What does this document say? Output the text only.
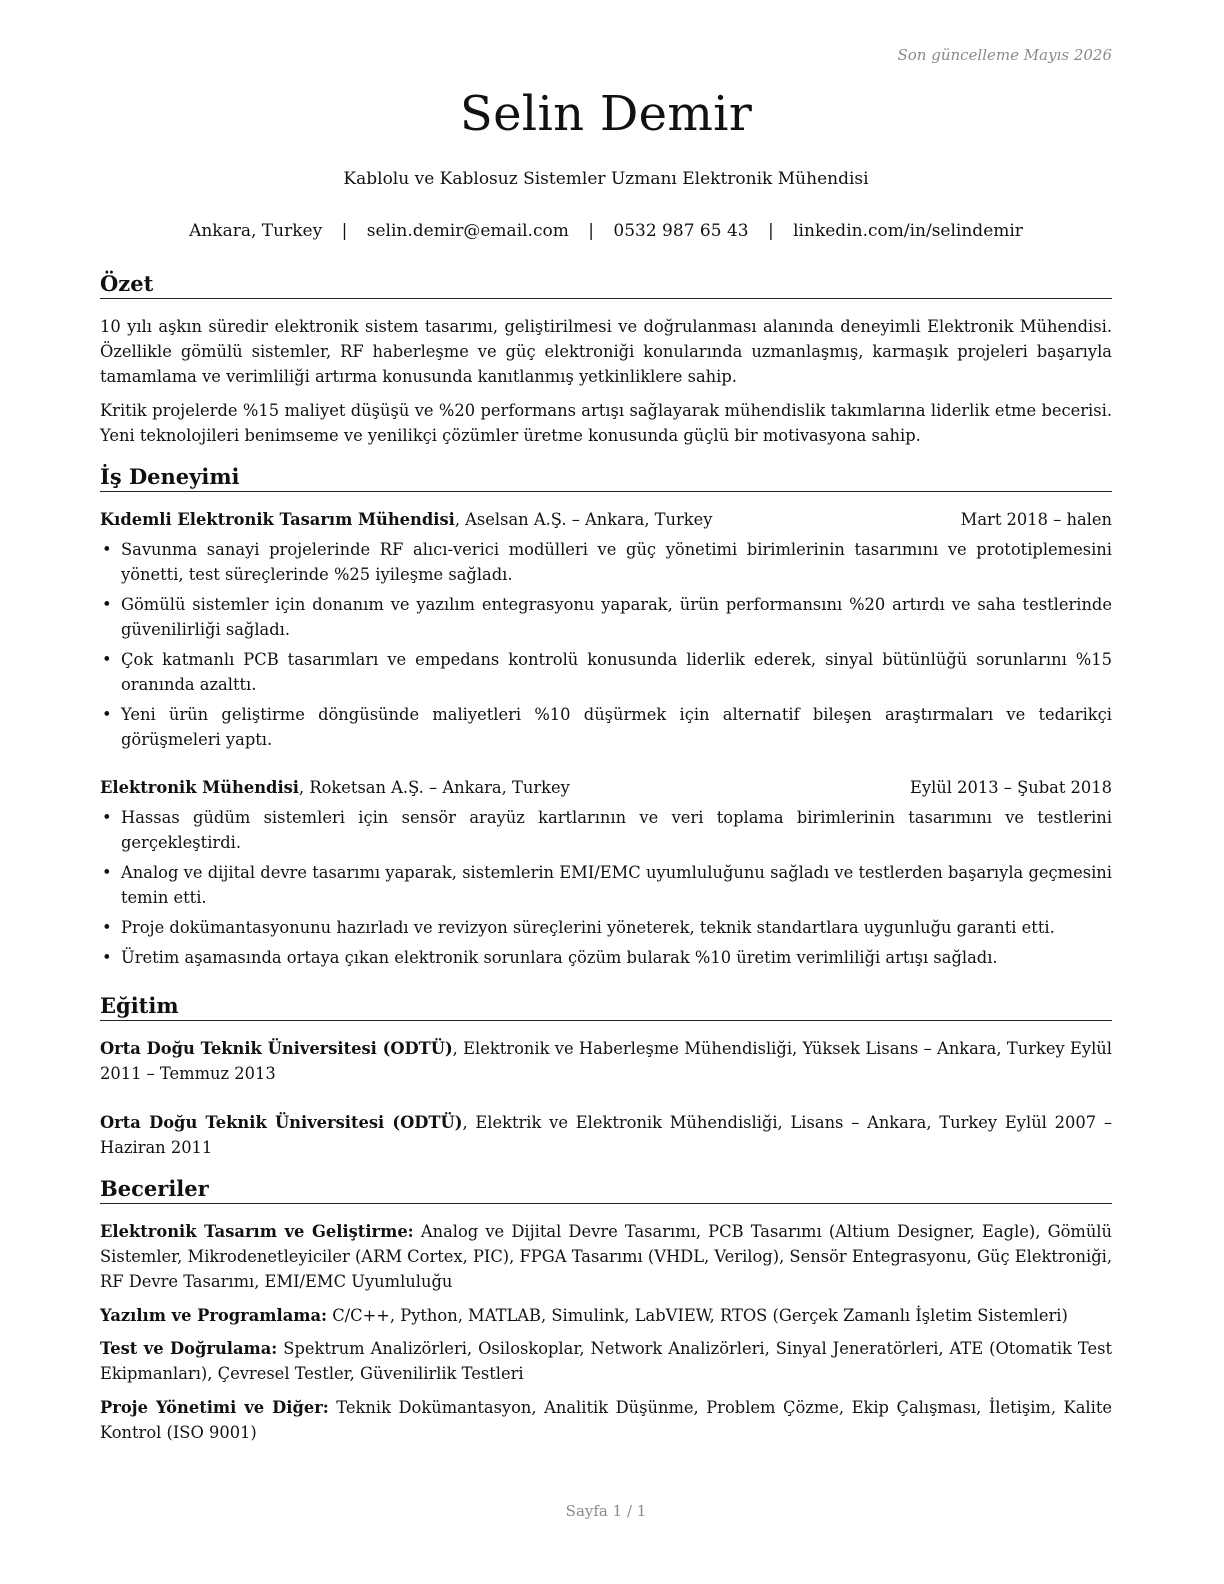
Son güncelleme Mayıs 2026
Selin Demir
Kablolu ve Kablosuz Sistemler Uzmanı Elektronik Mühendisi
Ankara, Turkey | selin.demir@email.com | 0532 987 65 43 | linkedin.com/in/selindemir
Özet
10 yılı aşkın süredir elektronik sistem tasarımı, geliştirilmesi ve doğrulanması alanında deneyimli Elektronik Mühendisi. Özellikle gömülü sistemler, RF haberleşme ve güç elektroniği konularında uzmanlaşmış, karmaşık projeleri başarıyla tamamlama ve verimliliği artırma konusunda kanıtlanmış yetkinliklere sahip.
Kritik projelerde %15 maliyet düşüşü ve %20 performans artışı sağlayarak mühendislik takımlarına liderlik etme becerisi. Yeni teknolojileri benimseme ve yenilikçi çözümler üretme konusunda güçlü bir motivasyona sahip.
İş Deneyimi
Kıdemli Elektronik Tasarım Mühendisi, Aselsan A.Ş. – Ankara, Turkey	Mart 2018 – halen
• Savunma sanayi projelerinde RF alıcı-verici modülleri ve güç yönetimi birimlerinin tasarımını ve prototiplemesini yönetti, test süreçlerinde %25 iyileşme sağladı.
• Gömülü sistemler için donanım ve yazılım entegrasyonu yaparak, ürün performansını %20 artırdı ve saha testlerinde güvenilirliği sağladı.
• Çok katmanlı PCB tasarımları ve empedans kontrolü konusunda liderlik ederek, sinyal bütünlüğü sorunlarını %15 oranında azalttı.
• Yeni ürün geliştirme döngüsünde maliyetleri %10 düşürmek için alternatif bileşen araştırmaları ve tedarikçi görüşmeleri yaptı.
Elektronik Mühendisi, Roketsan A.Ş. – Ankara, Turkey	Eylül 2013 – Şubat 2018
• Hassas güdüm sistemleri için sensör arayüz kartlarının ve veri toplama birimlerinin tasarımını ve testlerini gerçekleştirdi.
• Analog ve dijital devre tasarımı yaparak, sistemlerin EMI/EMC uyumluluğunu sağladı ve testlerden başarıyla geçmesini temin etti.
• Proje dokümantasyonunu hazırladı ve revizyon süreçlerini yöneterek, teknik standartlara uygunluğu garanti etti.
• Üretim aşamasında ortaya çıkan elektronik sorunlara çözüm bularak %10 üretim verimliliği artışı sağladı.
Eğitim
Orta Doğu Teknik Üniversitesi (ODTÜ), Elektronik ve Haberleşme Mühendisliği, Yüksek Lisans – Ankara, Turkey Eylül 2011 – Temmuz 2013
Orta Doğu Teknik Üniversitesi (ODTÜ), Elektrik ve Elektronik Mühendisliği, Lisans – Ankara, Turkey Eylül 2007 – Haziran 2011
Beceriler
Elektronik Tasarım ve Geliştirme: Analog ve Dijital Devre Tasarımı, PCB Tasarımı (Altium Designer, Eagle), Gömülü Sistemler, Mikrodenetleyiciler (ARM Cortex, PIC), FPGA Tasarımı (VHDL, Verilog), Sensör Entegrasyonu, Güç Elektroniği, RF Devre Tasarımı, EMI/EMC Uyumluluğu
Yazılım ve Programlama: C/C++, Python, MATLAB, Simulink, LabVIEW, RTOS (Gerçek Zamanlı İşletim Sistemleri)
Test ve Doğrulama: Spektrum Analizörleri, Osiloskoplar, Network Analizörleri, Sinyal Jeneratörleri, ATE (Otomatik Test Ekipmanları), Çevresel Testler, Güvenilirlik Testleri
Proje Yönetimi ve Diğer: Teknik Dokümantasyon, Analitik Düşünme, Problem Çözme, Ekip Çalışması, İletişim, Kalite Kontrol (ISO 9001)
Sayfa 1 / 1
